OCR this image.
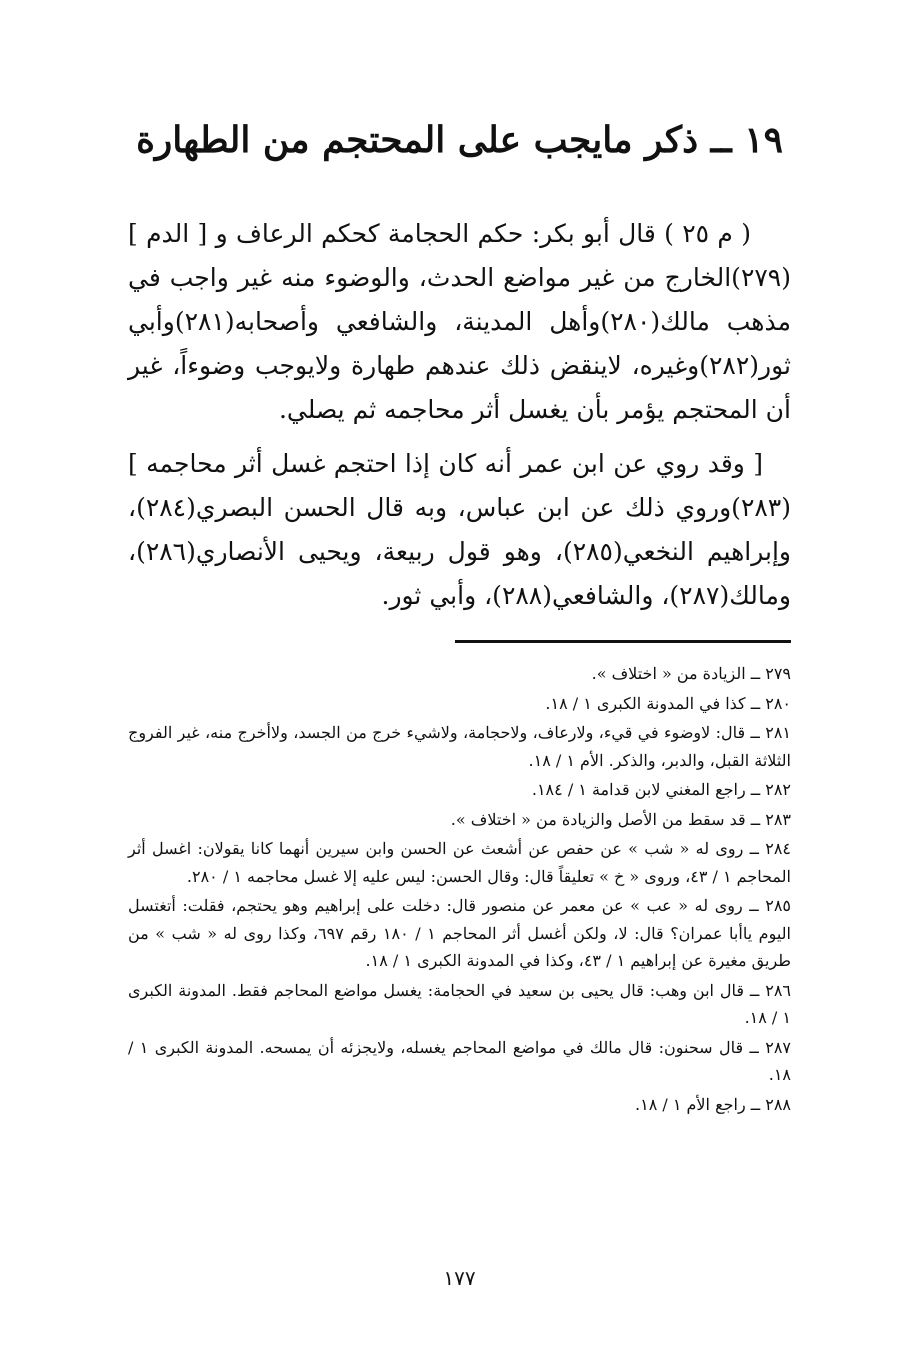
١٩ ــ ذكر مايجب على المحتجم من الطهارة

( م ٢٥ ) قال أبو بكر: حكم الحجامة كحكم الرعاف و [ الدم ](٢٧٩)الخارج من غير مواضع الحدث، والوضوء منه غير واجب في مذهب مالك(٢٨٠)وأهل المدينة، والشافعي وأصحابه(٢٨١)وأبي ثور(٢٨٢)وغيره، لاينقض ذلك عندهم طهارة ولايوجب وضوءاً، غير أن المحتجم يؤمر بأن يغسل أثر محاجمه ثم يصلي.

[ وقد روي عن ابن عمر أنه كان إذا احتجم غسل أثر محاجمه ](٢٨٣)وروي ذلك عن ابن عباس، وبه قال الحسن البصري(٢٨٤)، وإبراهيم النخعي(٢٨٥)، وهو قول ربيعة، ويحيى الأنصاري(٢٨٦)، ومالك(٢٨٧)، والشافعي(٢٨٨)، وأبي ثور.

٢٧٩ ــ الزيادة من « اختلاف ».

٢٨٠ ــ كذا في المدونة الكبرى ١ / ١٨.

٢٨١ ــ قال: لاوضوء في قيء، ولارعاف، ولاحجامة، ولاشيء خرج من الجسد، ولاأخرج منه، غير الفروج الثلاثة القبل، والدبر، والذكر. الأم ١ / ١٨.

٢٨٢ ــ راجع المغني لابن قدامة ١ / ١٨٤.

٢٨٣ ــ قد سقط من الأصل والزيادة من « اختلاف ».

٢٨٤ ــ روى له « شب » عن حفص عن أشعث عن الحسن وابن سيرين أنهما كانا يقولان: اغسل أثر المحاجم ١ / ٤٣، وروى « خ » تعليقاً قال: وقال الحسن: ليس عليه إلا غسل محاجمه ١ / ٢٨٠.

٢٨٥ ــ روى له « عب » عن معمر عن منصور قال: دخلت على إبراهيم وهو يحتجم، فقلت: أتغتسل اليوم ياأبا عمران؟ قال: لا، ولكن أغسل أثر المحاجم ١ / ١٨٠ رقم ٦٩٧، وكذا روى له « شب » من طريق مغيرة عن إبراهيم ١ / ٤٣، وكذا في المدونة الكبرى ١ / ١٨.

٢٨٦ ــ قال ابن وهب: قال يحيى بن سعيد في الحجامة: يغسل مواضع المحاجم فقط. المدونة الكبرى ١ / ١٨.

٢٨٧ ــ قال سحنون: قال مالك في مواضع المحاجم يغسله، ولايجزئه أن يمسحه. المدونة الكبرى ١ / ١٨.

٢٨٨ ــ راجع الأم ١ / ١٨.

١٧٧
